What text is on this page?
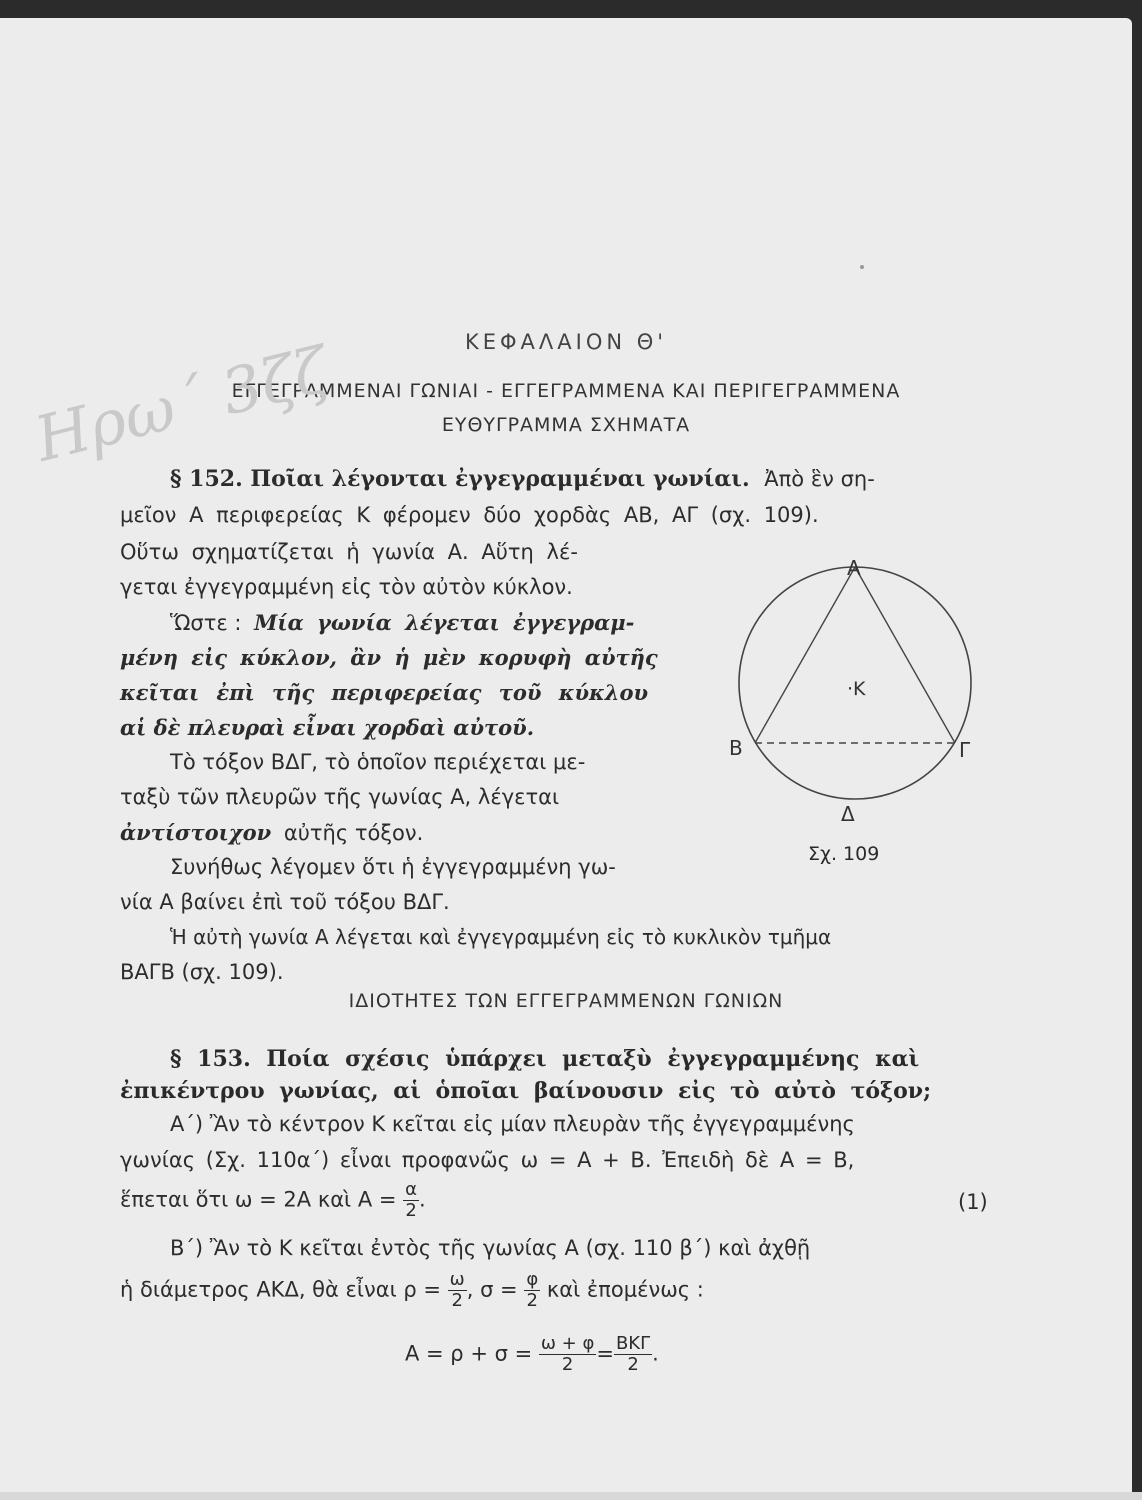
ΚΕΦΑΛΑΙΟΝ Θ'
ΕΓΓΕΓΡΑΜΜΕΝΑΙ ΓΩΝΙΑΙ - ΕΓΓΕΓΡΑΜΜΕΝΑ ΚΑΙ ΠΕΡΙΓΕΓΡΑΜΜΕΝΑ
ΕΥΘΥΓΡΑΜΜΑ ΣΧΗΜΑΤΑ
Ηρω΄ 3ζζ
§ 152. Ποῖαι λέγονται ἐγγεγραμμέναι γωνίαι. Ἀπὸ ἓν ση-
μεῖον Α περιφερείας Κ φέρομεν δύο χορδὰς ΑΒ, ΑΓ (σχ. 109).
Οὕτω σχηματίζεται ἡ γωνία Α. Αὕτη λέ-
γεται ἐγγεγραμμένη εἰς τὸν αὐτὸν κύκλον.
Ὥστε : Μία γωνία λέγεται ἐγγεγραμ-
μένη εἰς κύκλον, ἂν ἡ μὲν κορυφὴ αὐτῆς
κεῖται ἐπὶ τῆς περιφερείας τοῦ κύκλου
αἱ δὲ πλευραὶ εἶναι χορδαὶ αὐτοῦ.
Τὸ τόξον ΒΔΓ, τὸ ὁποῖον περιέχεται με-
ταξὺ τῶν πλευρῶν τῆς γωνίας Α, λέγεται
ἀντίστοιχον αὐτῆς τόξον.
Συνήθως λέγομεν ὅτι ἡ ἐγγεγραμμένη γω-
νία Α βαίνει ἐπὶ τοῦ τόξου ΒΔΓ.
Ἡ αὐτὴ γωνία Α λέγεται καὶ ἐγγεγραμμένη εἰς τὸ κυκλικὸν τμῆμα
ΒΑΓΒ (σχ. 109).
Α
Β	Γ
Δ
·Κ
Σχ. 109
ΙΔΙΟΤΗΤΕΣ ΤΩΝ ΕΓΓΕΓΡΑΜΜΕΝΩΝ ΓΩΝΙΩΝ
§ 153. Ποία σχέσις ὑπάρχει μεταξὺ ἐγγεγραμμένης καὶ
ἐπικέντρου γωνίας, αἱ ὁποῖαι βαίνουσιν εἰς τὸ αὐτὸ τόξον;
Α΄) Ἂν τὸ κέντρον Κ κεῖται εἰς μίαν πλευρὰν τῆς ἐγγεγραμμένης
γωνίας (Σχ. 110α΄) εἶναι προφανῶς ω = Α + Β. Ἐπειδὴ δὲ Α = Β,
ἕπεται ὅτι ω = 2Α καὶ $A = \frac{\alpha}{2}$ .	(1)
Β΄) Ἂν τὸ Κ κεῖται ἐντὸς τῆς γωνίας Α (σχ. 110 β΄) καὶ ἀχθῇ
ἡ διάμετρος ΑΚΔ, θὰ εἶναι $\rho = \frac{\omega}{2}$ , $\sigma = \frac{\varphi}{2}$ καὶ ἐπομένως :
$A = \rho + \sigma = \frac{\omega + \varphi}{2} = \frac{\text{ΒΚΓ}}{2}$ .
